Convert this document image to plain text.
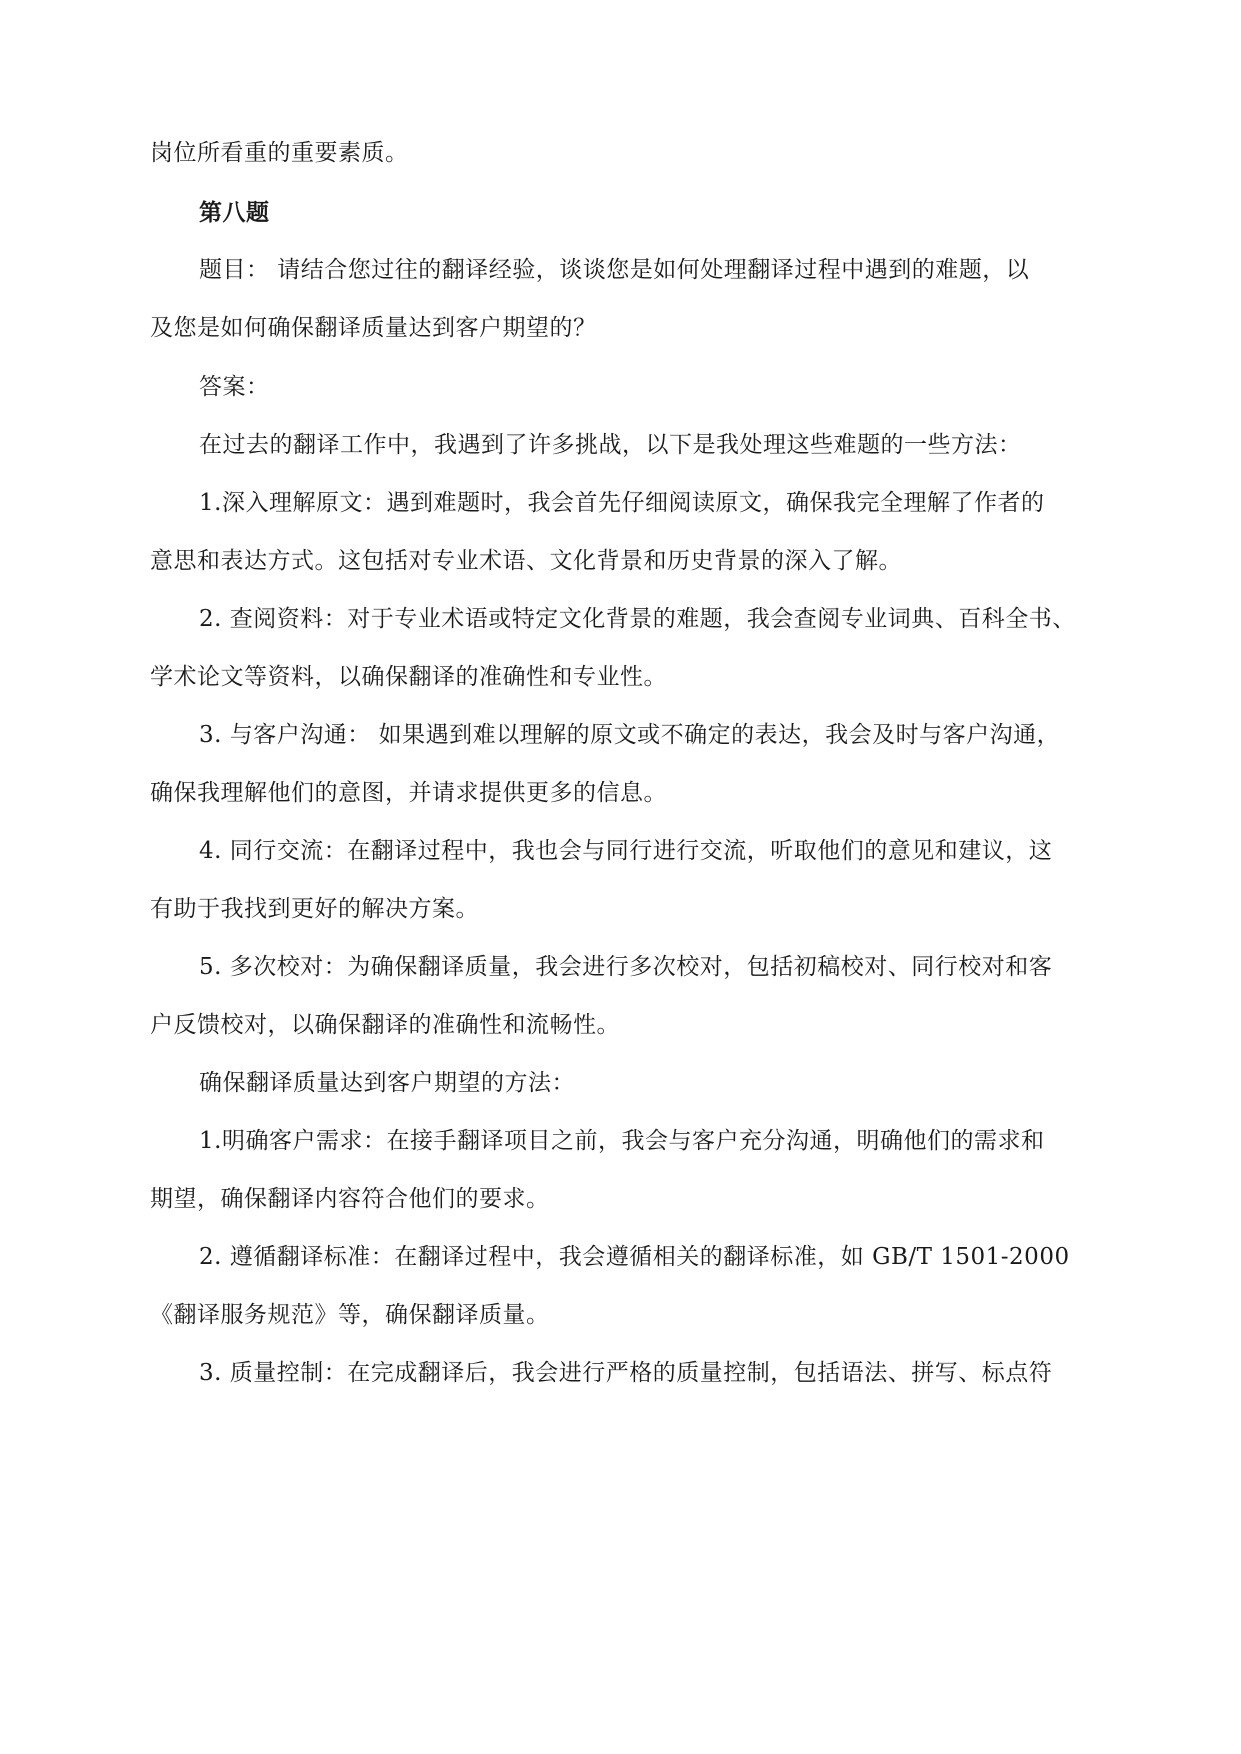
岗位所看重的重要素质。
第八题
题目： 请结合您过往的翻译经验，谈谈您是如何处理翻译过程中遇到的难题，以
及您是如何确保翻译质量达到客户期望的？
答案：
在过去的翻译工作中，我遇到了许多挑战，以下是我处理这些难题的一些方法：
1.深入理解原文：遇到难题时，我会首先仔细阅读原文，确保我完全理解了作者的
意思和表达方式。这包括对专业术语、文化背景和历史背景的深入了解。
2. 查阅资料：对于专业术语或特定文化背景的难题，我会查阅专业词典、百科全书、
学术论文等资料，以确保翻译的准确性和专业性。
3. 与客户沟通： 如果遇到难以理解的原文或不确定的表达，我会及时与客户沟通，
确保我理解他们的意图，并请求提供更多的信息。
4. 同行交流：在翻译过程中，我也会与同行进行交流，听取他们的意见和建议，这
有助于我找到更好的解决方案。
5. 多次校对：为确保翻译质量，我会进行多次校对，包括初稿校对、同行校对和客
户反馈校对，以确保翻译的准确性和流畅性。
确保翻译质量达到客户期望的方法：
1.明确客户需求：在接手翻译项目之前，我会与客户充分沟通，明确他们的需求和
期望，确保翻译内容符合他们的要求。
2. 遵循翻译标准：在翻译过程中，我会遵循相关的翻译标准，如 GB/T 1501-2000
《翻译服务规范》等，确保翻译质量。
3. 质量控制：在完成翻译后，我会进行严格的质量控制，包括语法、拼写、标点符
